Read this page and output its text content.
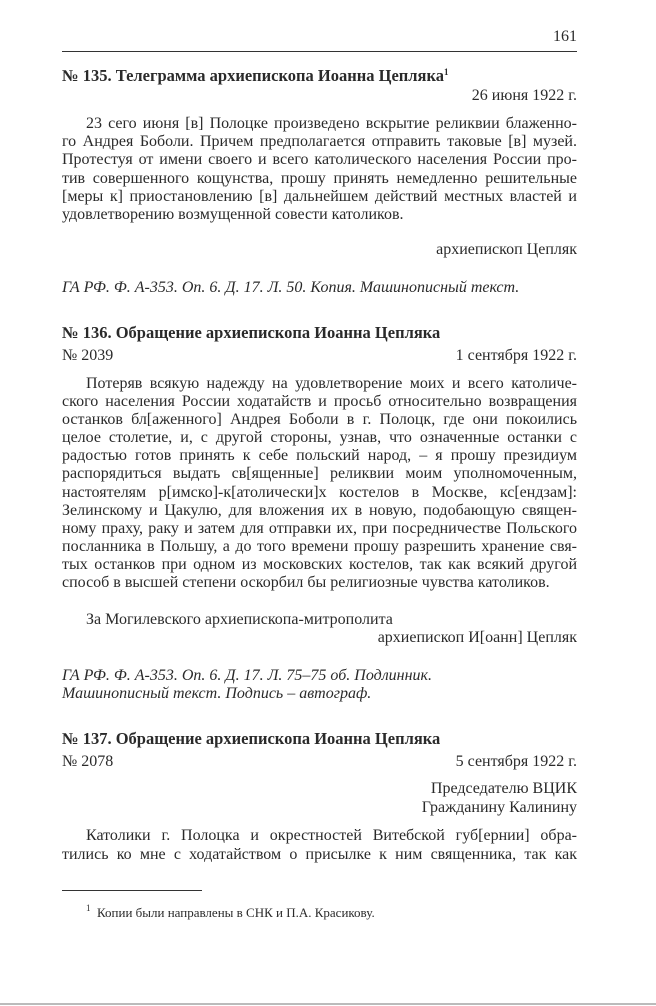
161
№ 135. Телеграмма архиепископа Иоанна Цепляка$^1$
26 июня 1922 г.
23 сего июня [в] Полоцке произведено вскрытие реликвии блаженно-
го Андрея Боболи. Причем предполагается отправить таковые [в] музей.
Протестуя от имени своего и всего католического населения России про-
тив совершенного кощунства, прошу принять немедленно решительные
[меры к] приостановлению [в] дальнейшем действий местных властей и
удовлетворению возмущенной совести католиков.
архиепископ Цепляк
ГА РФ. Ф. А-353. Оп. 6. Д. 17. Л. 50. Копия. Машинописный текст.
№ 136. Обращение архиепископа Иоанна Цепляка
№ 2039	1 сентября 1922 г.
Потеряв всякую надежду на удовлетворение моих и всего католиче-
ского населения России ходатайств и просьб относительно возвращения
останков бл[аженного] Андрея Боболи в г. Полоцк, где они покоились
целое столетие, и, с другой стороны, узнав, что означенные останки с
радостью готов принять к себе польский народ, – я прошу президиум
распорядиться выдать св[ященные] реликвии моим уполномоченным,
настоятелям р[имско]-к[атолически]х костелов в Москве, кс[ендзам]:
Зелинскому и Цакулю, для вложения их в новую, подобающую священ-
ному праху, раку и затем для отправки их, при посредничестве Польского
посланника в Польшу, а до того времени прошу разрешить хранение свя-
тых останков при одном из московских костелов, так как всякий другой
способ в высшей степени оскорбил бы религиозные чувства католиков.
За Могилевского архиепископа-митрополита
архиепископ И[оанн] Цепляк
ГА РФ. Ф. А-353. Оп. 6. Д. 17. Л. 75–75 об. Подлинник.
Машинописный текст. Подпись – автограф.
№ 137. Обращение архиепископа Иоанна Цепляка
№ 2078	5 сентября 1922 г.
Председателю ВЦИК
Гражданину Калинину
Католики г. Полоцка и окрестностей Витебской губ[ернии] обра-
тились ко мне с ходатайством о присылке к ним священника, так как
$^1$ Копии были направлены в СНК и П.А. Красикову.
